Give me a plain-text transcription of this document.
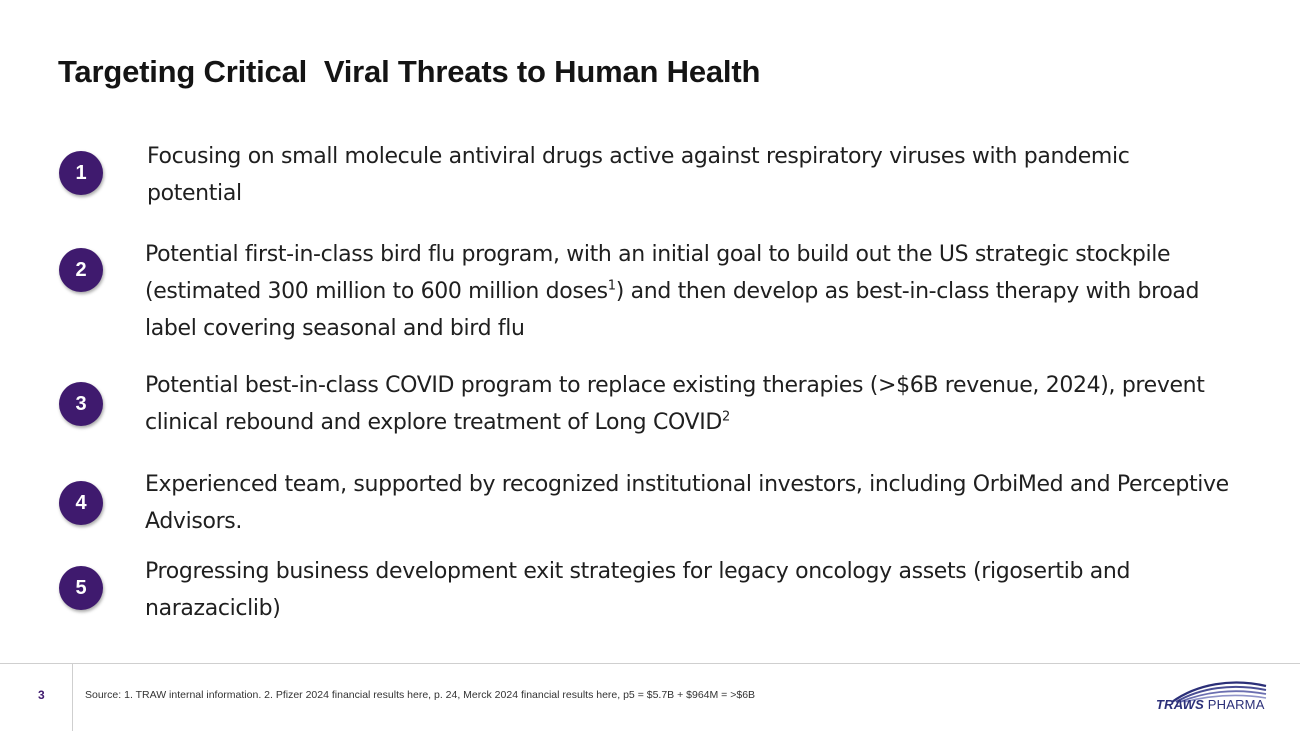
Targeting Critical  Viral Threats to Human Health
1
Focusing on small molecule antiviral drugs active against respiratory viruses with pandemic potential
2
Potential first-in-class bird flu program, with an initial goal to build out the US strategic stockpile (estimated 300 million to 600 million doses$^1$) and then develop as best-in-class therapy with broad label covering seasonal and bird flu
3
Potential best-in-class COVID program to replace existing therapies (>$6B revenue, 2024), prevent clinical rebound and explore treatment of Long COVID$^2$
4
Experienced team, supported by recognized institutional investors, including OrbiMed and Perceptive Advisors.
5
Progressing business development exit strategies for legacy oncology assets (rigosertib and narazaciclib)
3	Source: 1. TRAW internal information. 2. Pfizer 2024 financial results here, p. 24, Merck 2024 financial results here, p5 = $5.7B + $964M = >$6B
TRAWS PHARMA
